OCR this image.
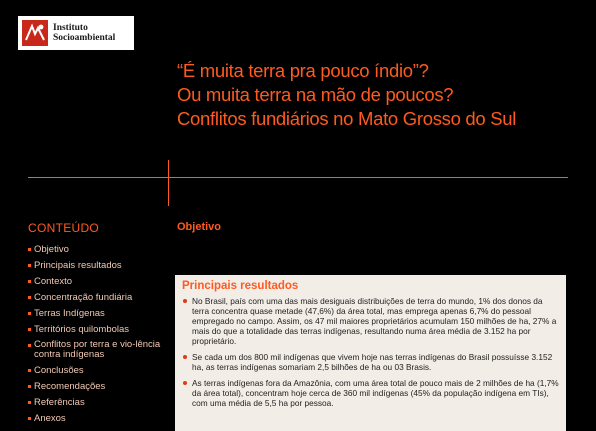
Instituto
Socioambiental
“É muita terra pra pouco índio”?
Ou muita terra na mão de poucos?
Conflitos fundiários no Mato Grosso do Sul
CONTEÚDO
Objetivo
Principais resultados
Contexto
Concentração fundiária
Terras Indígenas
Territórios quilombolas
Conflitos por terra e vio-lência contra indígenas
Conclusões
Recomendações
Referências
Anexos
Objetivo
Principais resultados
No Brasil, país com uma das mais desiguais distribuições de terra do mundo, 1% dos donos da terra concentra quase metade (47,6%) da área total, mas emprega apenas 6,7% do pessoal empregado no campo. Assim, os 47 mil maiores proprietários acumulam 150 milhões de ha, 27% a mais do que a totalidade das terras indígenas, resultando numa área média de 3.152 ha por proprietário.
Se cada um dos 800 mil indígenas que vivem hoje nas terras indígenas do Brasil possuísse 3.152 ha, as terras indígenas somariam 2,5 bilhões de ha ou 03 Brasis.
As terras indígenas fora da Amazônia, com uma área total de pouco mais de 2 milhões de ha (1,7% da área total), concentram hoje cerca de 360 mil indígenas (45% da população indígena em TIs), com uma média de 5,5 ha por pessoa.
